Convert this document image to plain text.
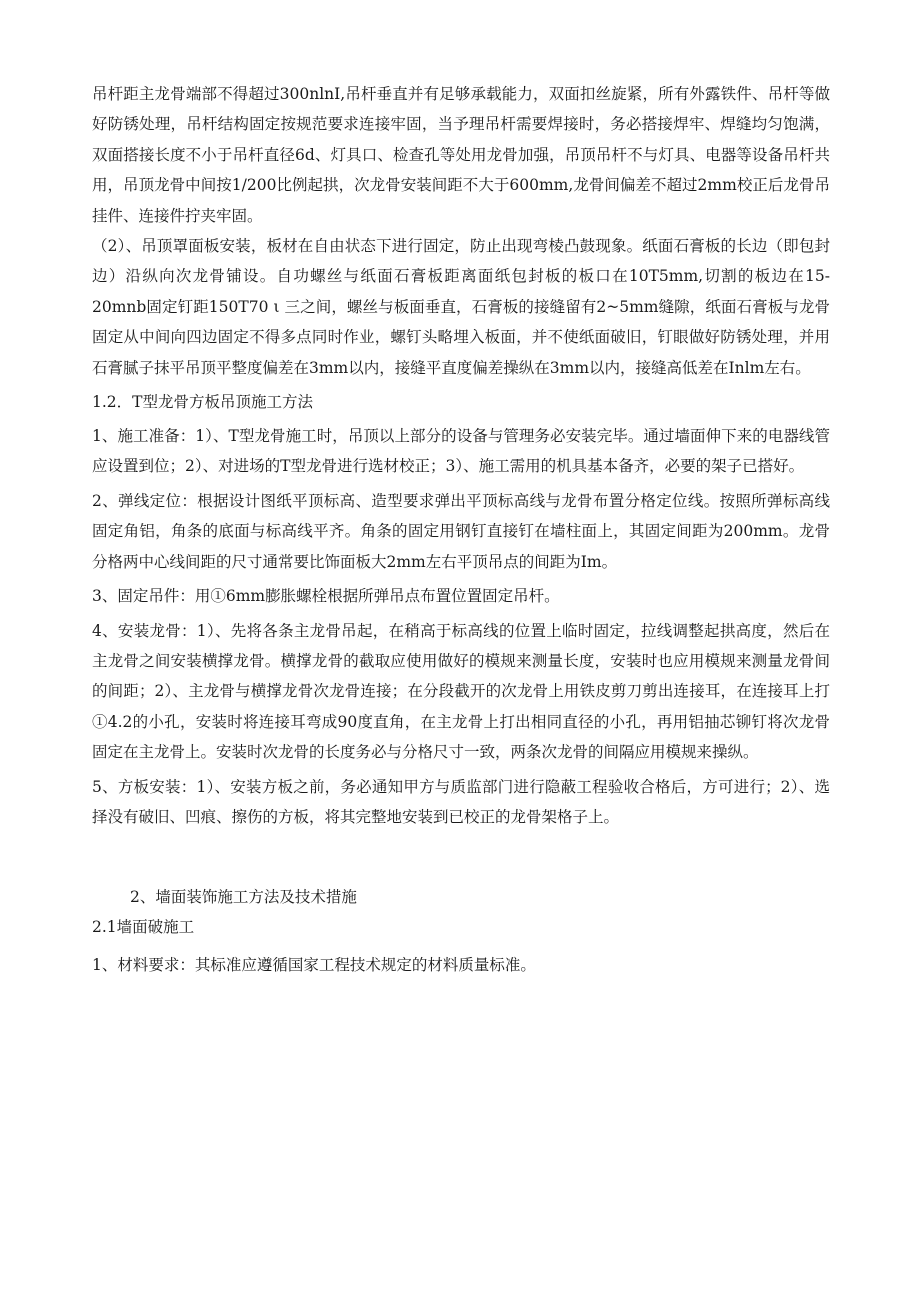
吊杆距主龙骨端部不得超过300nlnI,吊杆垂直并有足够承载能力，双面扣丝旋紧，所有外露铁件、吊杆等做好防锈处理，吊杆结构固定按规范要求连接牢固，当予理吊杆需要焊接时，务必搭接焊牢、焊缝均匀饱满，双面搭接长度不小于吊杆直径6d、灯具口、检查孔等处用龙骨加强，吊顶吊杆不与灯具、电器等设备吊杆共用，吊顶龙骨中间按1/200比例起拱，次龙骨安装间距不大于600mm,龙骨间偏差不超过2mm校正后龙骨吊挂件、连接件拧夹牢固。

（2）、吊顶罩面板安装，板材在自由状态下进行固定，防止出现弯棱凸鼓现象。纸面石膏板的长边（即包封边）沿纵向次龙骨铺设。自功螺丝与纸面石膏板距离面纸包封板的板口在10T5mm,切割的板边在15-20mnb固定钉距150T70 ι 三之间，螺丝与板面垂直，石膏板的接缝留有2~5mm缝隙，纸面石膏板与龙骨固定从中间向四边固定不得多点同时作业，螺钉头略埋入板面，并不使纸面破旧，钉眼做好防锈处理，并用石膏腻子抹平吊顶平整度偏差在3mm以内，接缝平直度偏差操纵在3mm以内，接缝高低差在Inlm左右。

1.2．T型龙骨方板吊顶施工方法

1、施工准备：1）、T型龙骨施工时，吊顶以上部分的设备与管理务必安装完毕。通过墙面伸下来的电器线管应设置到位；2）、对进场的T型龙骨进行选材校正；3）、施工需用的机具基本备齐，必要的架子已搭好。

2、弹线定位：根据设计图纸平顶标高、造型要求弹出平顶标高线与龙骨布置分格定位线。按照所弹标高线固定角铝，角条的底面与标高线平齐。角条的固定用钢钉直接钉在墙柱面上，其固定间距为200mm。龙骨分格两中心线间距的尺寸通常要比饰面板大2mm左右平顶吊点的间距为Im。

3、固定吊件：用①6mm膨胀螺栓根据所弹吊点布置位置固定吊杆。

4、安装龙骨：1）、先将各条主龙骨吊起，在稍高于标高线的位置上临时固定，拉线调整起拱高度，然后在主龙骨之间安装横撑龙骨。横撑龙骨的截取应使用做好的模规来测量长度，安装时也应用模规来测量龙骨间的间距；2）、主龙骨与横撑龙骨次龙骨连接；在分段截开的次龙骨上用铁皮剪刀剪出连接耳，在连接耳上打①4.2的小孔，安装时将连接耳弯成90度直角，在主龙骨上打出相同直径的小孔，再用铝抽芯铆钉将次龙骨固定在主龙骨上。安装时次龙骨的长度务必与分格尺寸一致，两条次龙骨的间隔应用模规来操纵。

5、方板安装：1）、安装方板之前，务必通知甲方与质监部门进行隐蔽工程验收合格后，方可进行；2）、选择没有破旧、凹痕、擦伤的方板，将其完整地安装到已校正的龙骨架格子上。

2、墙面装饰施工方法及技术措施

2.1墙面破施工

1、材料要求：其标准应遵循国家工程技术规定的材料质量标准。
